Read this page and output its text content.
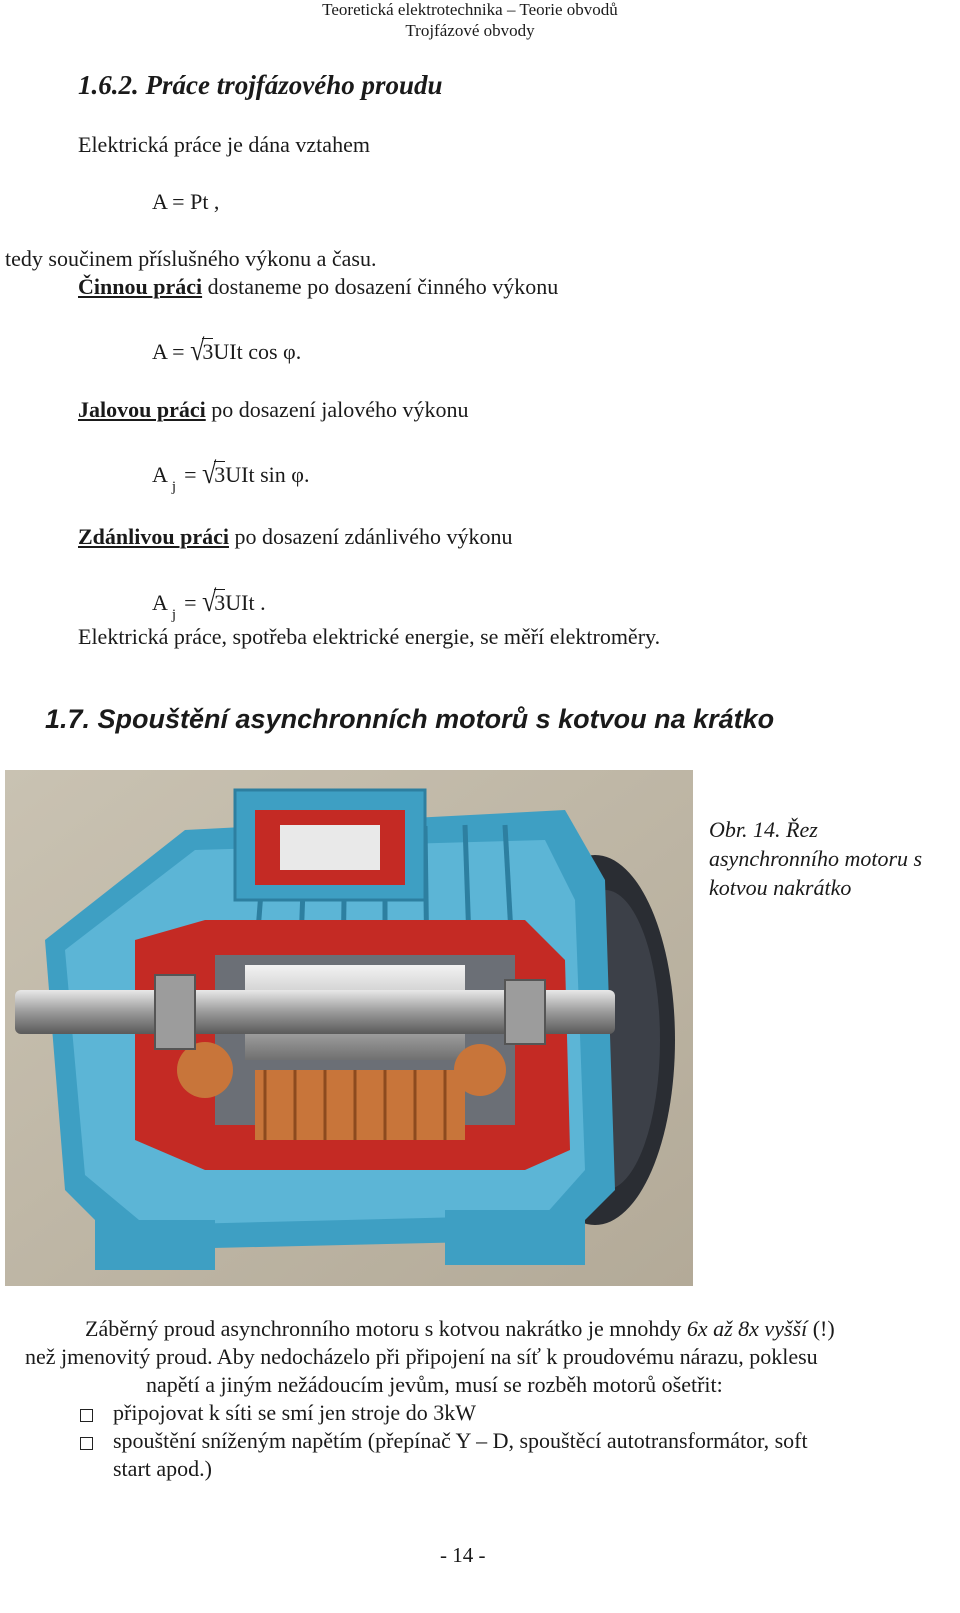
Teoretická elektrotechnika – Teorie obvodů
Trojfázové obvody
1.6.2. Práce trojfázového proudu
Elektrická práce je dána vztahem
A = Pt ,
tedy součinem příslušného výkonu a času.
Činnou práci dostaneme po dosazení činného výkonu
A = √3UIt cos φ.
Jalovou práci po dosazení jalového výkonu
A $_j$ = √3UIt sin φ.
Zdánlivou práci po dosazení zdánlivého výkonu
A $_j$ = √3UIt .
Elektrická práce, spotřeba elektrické energie, se měří elektroměry.
1.7. Spouštění asynchronních motorů s kotvou na krátko
Obr. 14. Řez asynchronního motoru s kotvou nakrátko
Záběrný proud asynchronního motoru s kotvou nakrátko je mnohdy 6x až 8x vyšší (!)
než jmenovitý proud. Aby nedocházelo při připojení na síť k proudovému nárazu, poklesu
napětí a jiným nežádoucím jevům, musí se rozběh motorů ošetřit:
připojovat k síti se smí jen stroje do 3kW
spouštění sníženým napětím (přepínač Y – D, spouštěcí autotransformátor, soft
start apod.)
- 14 -
